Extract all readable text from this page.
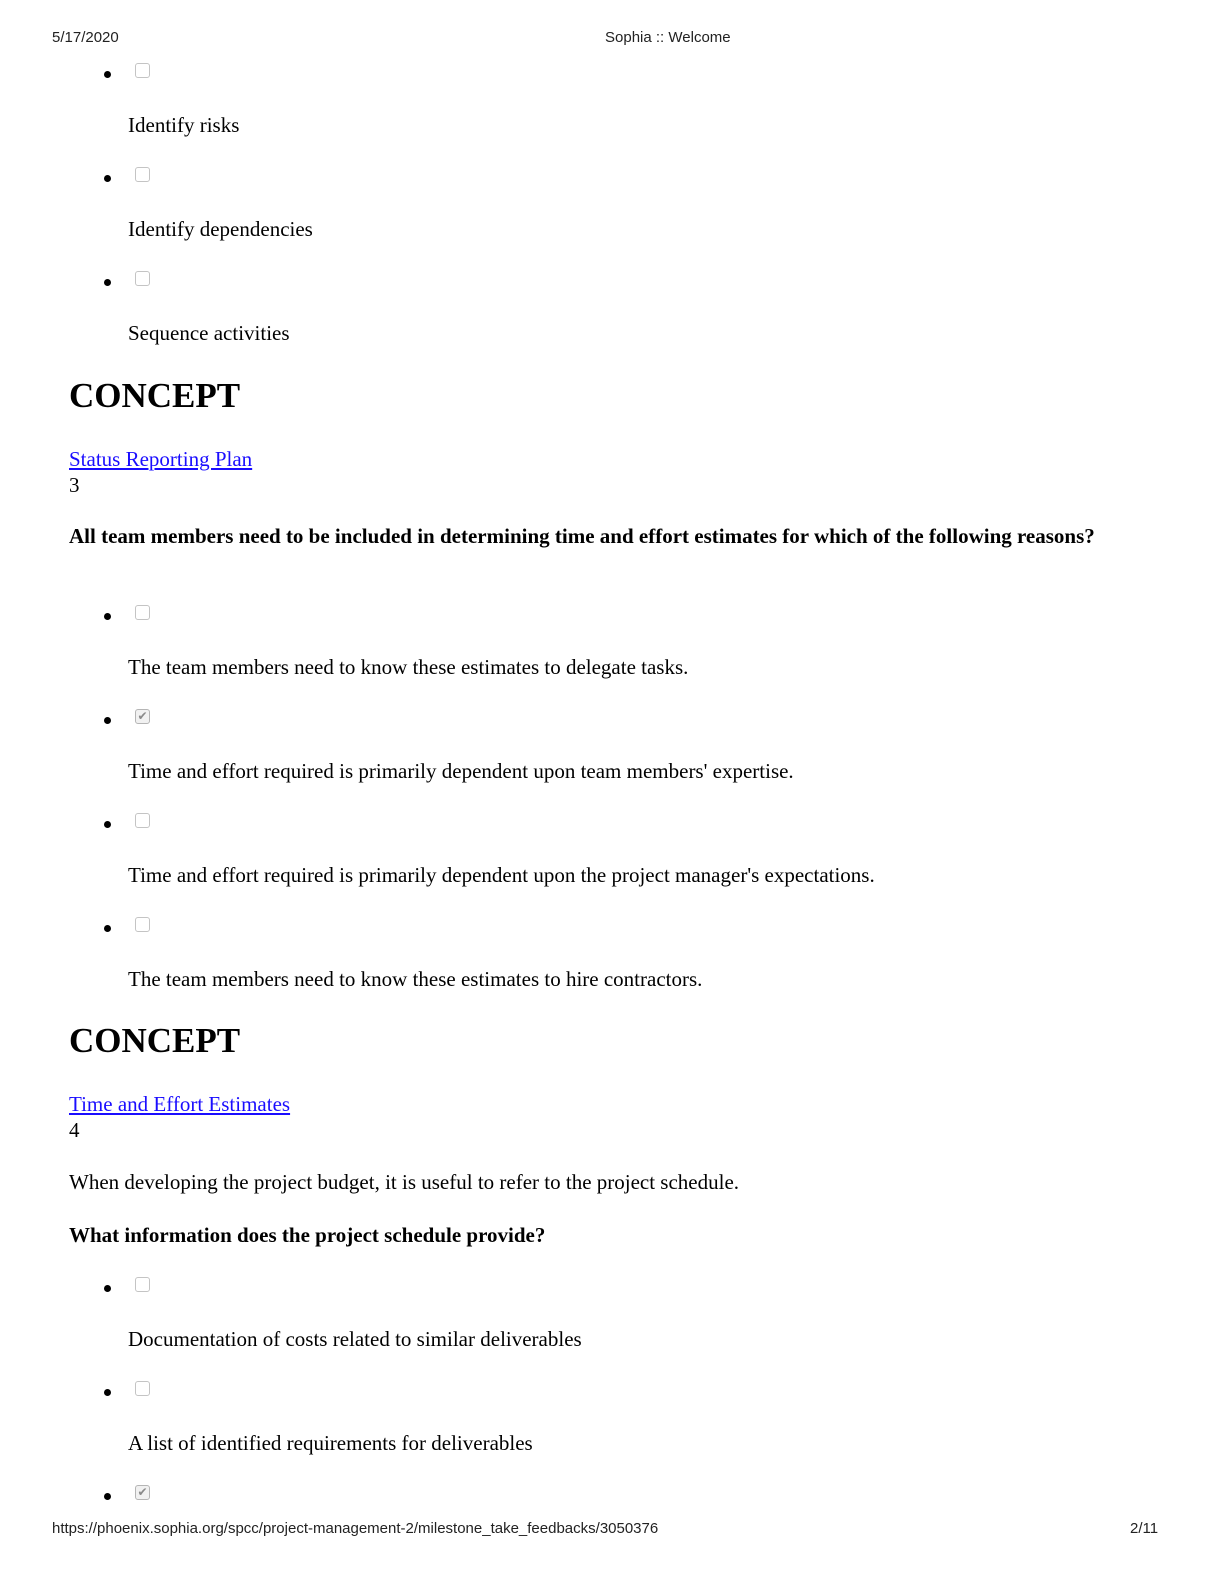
5/17/2020	Sophia :: Welcome
Identify risks
Identify dependencies
Sequence activities
CONCEPT
Status Reporting Plan
3
All team members need to be included in determining time and effort estimates for which of the following reasons?
The team members need to know these estimates to delegate tasks.
✔
Time and effort required is primarily dependent upon team members' expertise.
Time and effort required is primarily dependent upon the project manager's expectations.
The team members need to know these estimates to hire contractors.
CONCEPT
Time and Effort Estimates
4
When developing the project budget, it is useful to refer to the project schedule.
What information does the project schedule provide?
Documentation of costs related to similar deliverables
A list of identified requirements for deliverables
✔
https://phoenix.sophia.org/spcc/project-management-2/milestone_take_feedbacks/3050376	2/11
